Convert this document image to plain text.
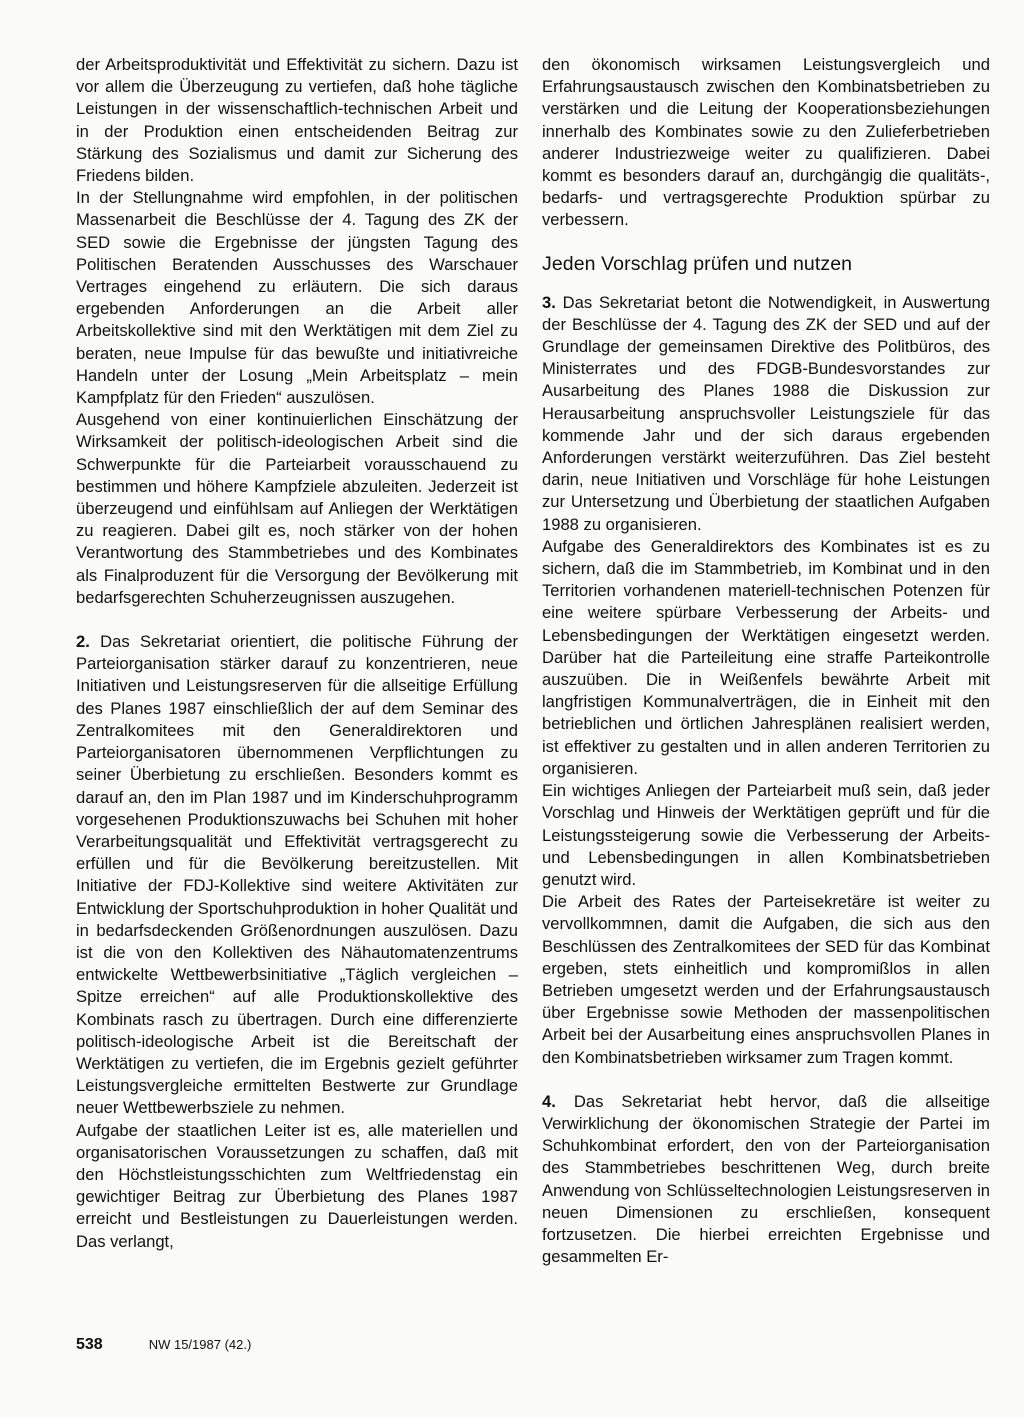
der Arbeitsproduktivität und Effektivität zu sichern. Dazu ist vor allem die Überzeugung zu vertiefen, daß hohe tägliche Leistungen in der wissenschaftlich-technischen Arbeit und in der Produktion einen entscheidenden Beitrag zur Stärkung des Sozialismus und damit zur Sicherung des Friedens bilden.

In der Stellungnahme wird empfohlen, in der politischen Massenarbeit die Beschlüsse der 4. Tagung des ZK der SED sowie die Ergebnisse der jüngsten Tagung des Politischen Beratenden Ausschusses des Warschauer Vertrages eingehend zu erläutern. Die sich daraus ergebenden Anforderungen an die Arbeit aller Arbeitskollektive sind mit den Werktätigen mit dem Ziel zu beraten, neue Impulse für das bewußte und initiativreiche Handeln unter der Losung „Mein Arbeitsplatz – mein Kampfplatz für den Frieden“ auszulösen.

Ausgehend von einer kontinuierlichen Einschätzung der Wirksamkeit der politisch-ideologischen Arbeit sind die Schwerpunkte für die Parteiarbeit vorausschauend zu bestimmen und höhere Kampfziele abzuleiten. Jederzeit ist überzeugend und einfühlsam auf Anliegen der Werktätigen zu reagieren. Dabei gilt es, noch stärker von der hohen Verantwortung des Stammbetriebes und des Kombinates als Finalproduzent für die Versorgung der Bevölkerung mit bedarfsgerechten Schuherzeugnissen auszugehen.

2. Das Sekretariat orientiert, die politische Führung der Parteiorganisation stärker darauf zu konzentrieren, neue Initiativen und Leistungsreserven für die allseitige Erfüllung des Planes 1987 einschließlich der auf dem Seminar des Zentralkomitees mit den Generaldirektoren und Parteiorganisatoren übernommenen Verpflichtungen zu seiner Überbietung zu erschließen. Besonders kommt es darauf an, den im Plan 1987 und im Kinderschuhprogramm vorgesehenen Produktionszuwachs bei Schuhen mit hoher Verarbeitungsqualität und Effektivität vertragsgerecht zu erfüllen und für die Bevölkerung bereitzustellen. Mit Initiative der FDJ-Kollektive sind weitere Aktivitäten zur Entwicklung der Sportschuhproduktion in hoher Qualität und in bedarfsdeckenden Größenordnungen auszulösen. Dazu ist die von den Kollektiven des Nähautomatenzentrums entwickelte Wettbewerbsinitiative „Täglich vergleichen – Spitze erreichen“ auf alle Produktionskollektive des Kombinats rasch zu übertragen. Durch eine differenzierte politisch-ideologische Arbeit ist die Bereitschaft der Werktätigen zu vertiefen, die im Ergebnis gezielt geführter Leistungsvergleiche ermittelten Bestwerte zur Grundlage neuer Wettbewerbsziele zu nehmen.

Aufgabe der staatlichen Leiter ist es, alle materiellen und organisatorischen Voraussetzungen zu schaffen, daß mit den Höchstleistungsschichten zum Weltfriedenstag ein gewichtiger Beitrag zur Überbietung des Planes 1987 erreicht und Bestleistungen zu Dauerleistungen werden. Das verlangt,

den ökonomisch wirksamen Leistungsvergleich und Erfahrungsaustausch zwischen den Kombinatsbetrieben zu verstärken und die Leitung der Kooperationsbeziehungen innerhalb des Kombinates sowie zu den Zulieferbetrieben anderer Industriezweige weiter zu qualifizieren. Dabei kommt es besonders darauf an, durchgängig die qualitäts-, bedarfs- und vertragsgerechte Produktion spürbar zu verbessern.

Jeden Vorschlag prüfen und nutzen

3. Das Sekretariat betont die Notwendigkeit, in Auswertung der Beschlüsse der 4. Tagung des ZK der SED und auf der Grundlage der gemeinsamen Direktive des Politbüros, des Ministerrates und des FDGB-Bundesvorstandes zur Ausarbeitung des Planes 1988 die Diskussion zur Herausarbeitung anspruchsvoller Leistungsziele für das kommende Jahr und der sich daraus ergebenden Anforderungen verstärkt weiterzuführen. Das Ziel besteht darin, neue Initiativen und Vorschläge für hohe Leistungen zur Untersetzung und Überbietung der staatlichen Aufgaben 1988 zu organisieren.

Aufgabe des Generaldirektors des Kombinates ist es zu sichern, daß die im Stammbetrieb, im Kombinat und in den Territorien vorhandenen materiell-technischen Potenzen für eine weitere spürbare Verbesserung der Arbeits- und Lebensbedingungen der Werktätigen eingesetzt werden. Darüber hat die Parteileitung eine straffe Parteikontrolle auszuüben. Die in Weißenfels bewährte Arbeit mit langfristigen Kommunalverträgen, die in Einheit mit den betrieblichen und örtlichen Jahresplänen realisiert werden, ist effektiver zu gestalten und in allen anderen Territorien zu organisieren.

Ein wichtiges Anliegen der Parteiarbeit muß sein, daß jeder Vorschlag und Hinweis der Werktätigen geprüft und für die Leistungssteigerung sowie die Verbesserung der Arbeits- und Lebensbedingungen in allen Kombinatsbetrieben genutzt wird.

Die Arbeit des Rates der Parteisekretäre ist weiter zu vervollkommnen, damit die Aufgaben, die sich aus den Beschlüssen des Zentralkomitees der SED für das Kombinat ergeben, stets einheitlich und kompromißlos in allen Betrieben umgesetzt werden und der Erfahrungsaustausch über Ergebnisse sowie Methoden der massenpolitischen Arbeit bei der Ausarbeitung eines anspruchsvollen Planes in den Kombinatsbetrieben wirksamer zum Tragen kommt.

4. Das Sekretariat hebt hervor, daß die allseitige Verwirklichung der ökonomischen Strategie der Partei im Schuhkombinat erfordert, den von der Parteiorganisation des Stammbetriebes beschrittenen Weg, durch breite Anwendung von Schlüsseltechnologien Leistungsreserven in neuen Dimensionen zu erschließen, konsequent fortzusetzen. Die hierbei erreichten Ergebnisse und gesammelten Er-

538	NW 15/1987 (42.)
